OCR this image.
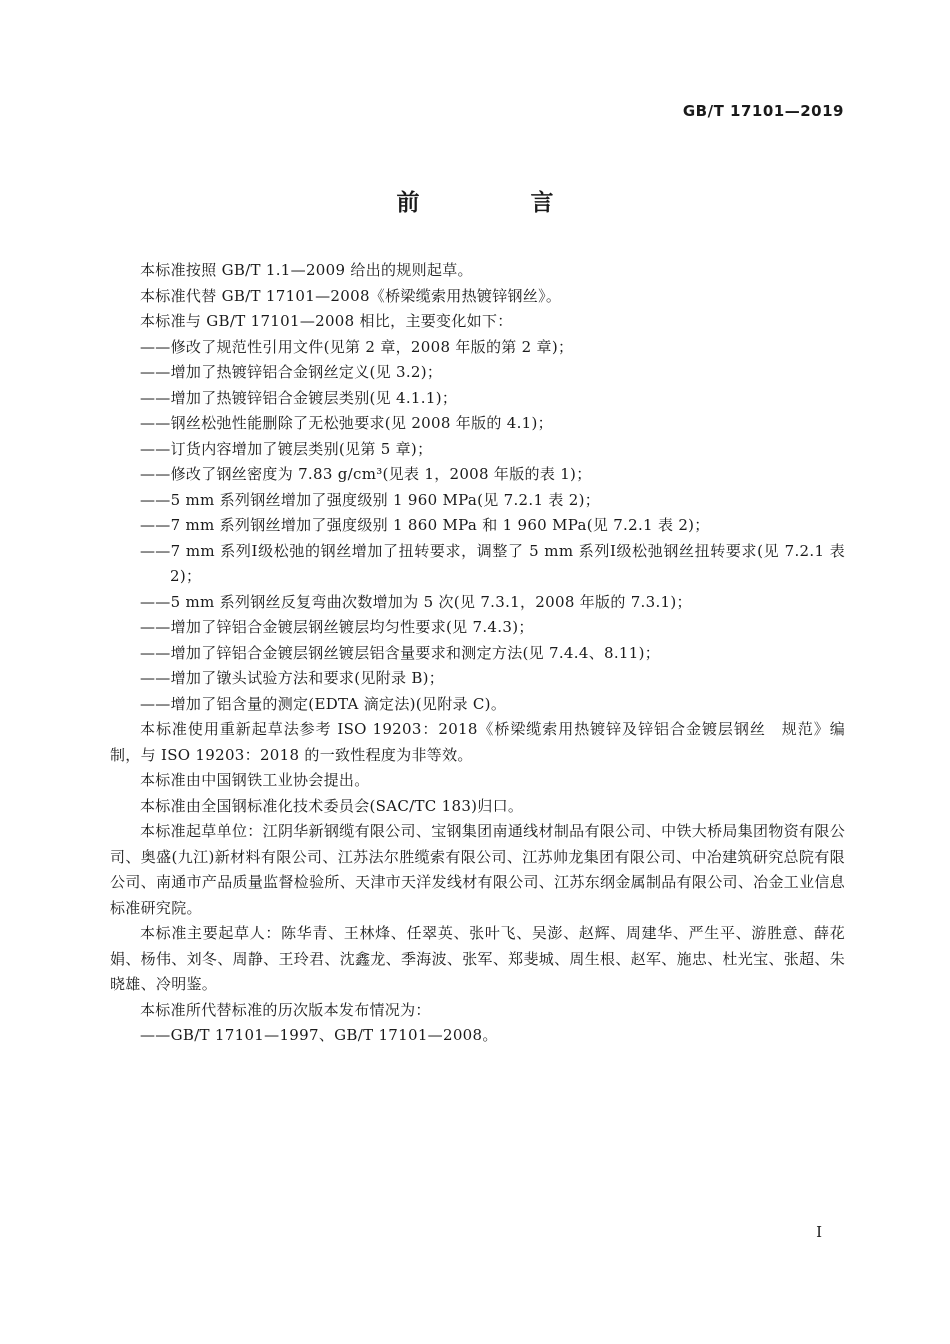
GB/T 17101—2019
前　言

本标准按照 GB/T 1.1—2009 给出的规则起草。

本标准代替 GB/T 17101—2008《桥梁缆索用热镀锌钢丝》。

本标准与 GB/T 17101—2008 相比，主要变化如下：

——修改了规范性引用文件(见第 2 章，2008 年版的第 2 章)；

——增加了热镀锌铝合金钢丝定义(见 3.2)；

——增加了热镀锌铝合金镀层类别(见 4.1.1)；

——钢丝松弛性能删除了无松弛要求(见 2008 年版的 4.1)；

——订货内容增加了镀层类别(见第 5 章)；

——修改了钢丝密度为 7.83 g/cm³(见表 1，2008 年版的表 1)；

——5 mm 系列钢丝增加了强度级别 1 960 MPa(见 7.2.1 表 2)；

——7 mm 系列钢丝增加了强度级别 1 860 MPa 和 1 960 MPa(见 7.2.1 表 2)；

——7 mm 系列Ⅰ级松弛的钢丝增加了扭转要求，调整了 5 mm 系列Ⅰ级松弛钢丝扭转要求(见 7.2.1 表 2)；

——5 mm 系列钢丝反复弯曲次数增加为 5 次(见 7.3.1，2008 年版的 7.3.1)；

——增加了锌铝合金镀层钢丝镀层均匀性要求(见 7.4.3)；

——增加了锌铝合金镀层钢丝镀层铝含量要求和测定方法(见 7.4.4、8.11)；

——增加了镦头试验方法和要求(见附录 B)；

——增加了铝含量的测定(EDTA 滴定法)(见附录 C)。

本标准使用重新起草法参考 ISO 19203：2018《桥梁缆索用热镀锌及锌铝合金镀层钢丝　规范》编制，与 ISO 19203：2018 的一致性程度为非等效。

本标准由中国钢铁工业协会提出。

本标准由全国钢标准化技术委员会(SAC/TC 183)归口。

本标准起草单位：江阴华新钢缆有限公司、宝钢集团南通线材制品有限公司、中铁大桥局集团物资有限公司、奥盛(九江)新材料有限公司、江苏法尔胜缆索有限公司、江苏帅龙集团有限公司、中冶建筑研究总院有限公司、南通市产品质量监督检验所、天津市天洋发线材有限公司、江苏东纲金属制品有限公司、冶金工业信息标准研究院。

本标准主要起草人：陈华青、王林烽、任翠英、张叶飞、吴澎、赵辉、周建华、严生平、游胜意、薛花娟、杨伟、刘冬、周静、王玲君、沈鑫龙、季海波、张军、郑斐城、周生根、赵军、施忠、杜光宝、张超、朱晓雄、冷明鉴。

本标准所代替标准的历次版本发布情况为：

——GB/T 17101—1997、GB/T 17101—2008。

I
